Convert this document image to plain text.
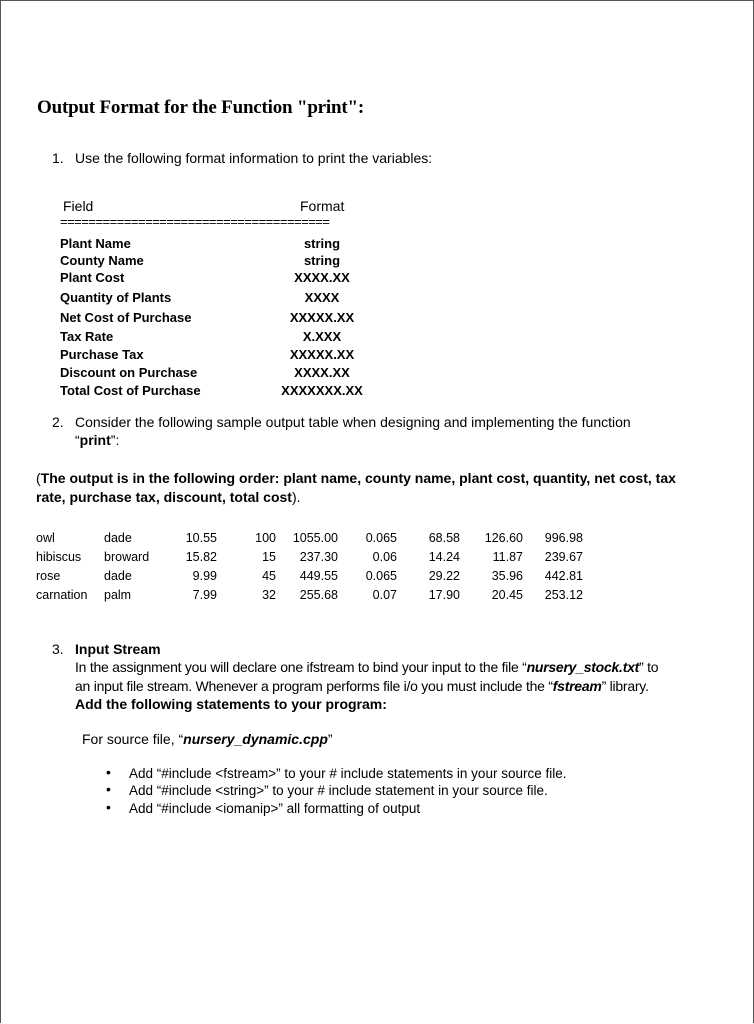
Output Format for the Function "print":
1. Use the following format information to print the variables:
Field	Format
======================================
Plant Name	string
County Name	string
Plant Cost	XXXX.XX
Quantity of Plants	XXXX
Net Cost of Purchase	XXXXX.XX
Tax Rate	X.XXX
Purchase Tax	XXXXX.XX
Discount on Purchase	XXXX.XX
Total Cost of Purchase	XXXXXXX.XX
2. Consider the following sample output table when designing and implementing the function
“print”:
(The output is in the following order: plant name, county name, plant cost, quantity, net cost, tax
rate, purchase tax, discount, total cost).
owl	dade	10.55	100	1055.00	0.065	68.58	126.60	996.98
hibiscus	broward	15.82	15	237.30	0.06	14.24	11.87	239.67
rose	dade	9.99	45	449.55	0.065	29.22	35.96	442.81
carnation	palm	7.99	32	255.68	0.07	17.90	20.45	253.12
3. Input Stream
In the assignment you will declare one ifstream to bind your input to the file “nursery_stock.txt” to
an input file stream. Whenever a program performs file i/o you must include the “fstream” library.
Add the following statements to your program:
For source file, “nursery_dynamic.cpp”
• Add “#include <fstream>” to your # include statements in your source file.
• Add “#include <string>” to your # include statement in your source file.
• Add “#include <iomanip>” all formatting of output
